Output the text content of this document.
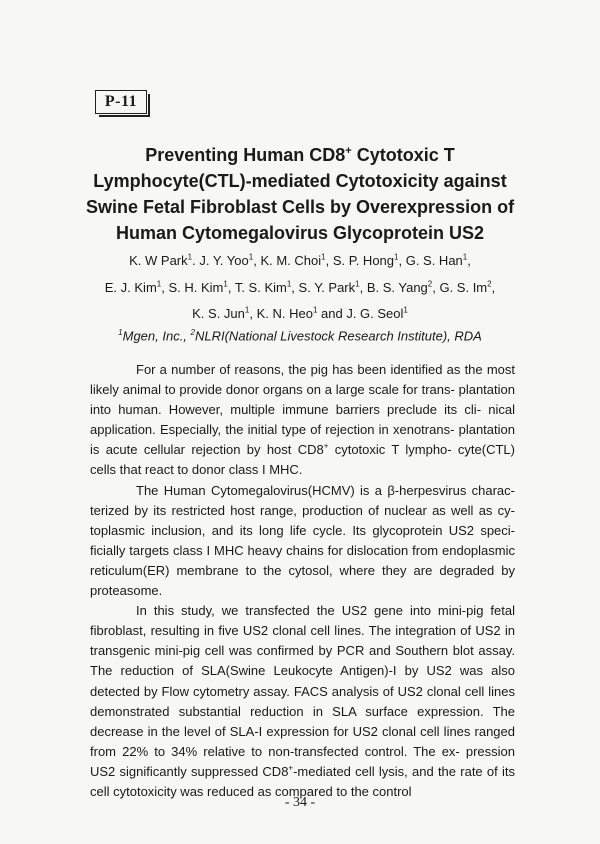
P-11
Preventing Human CD8+ Cytotoxic T
Lymphocyte(CTL)-mediated Cytotoxicity against
Swine Fetal Fibroblast Cells by Overexpression of
Human Cytomegalovirus Glycoprotein US2
K. W Park$^1$. J. Y. Yoo$^1$, K. M. Choi$^1$, S. P. Hong$^1$, G. S. Han$^1$,
E. J. Kim$^1$, S. H. Kim$^1$, T. S. Kim$^1$, S. Y. Park$^1$, B. S. Yang$^2$, G. S. Im$^2$,
K. S. Jun$^1$, K. N. Heo$^1$ and J. G. Seol$^1$
$^1$Mgen, Inc., $^2$NLRI(National Livestock Research Institute), RDA

For a number of reasons, the pig has been identified as the most likely animal to provide donor organs on a large scale for trans- plantation into human. However, multiple immune barriers preclude its cli- nical application. Especially, the initial type of rejection in xenotrans- plantation is acute cellular rejection by host CD8+ cytotoxic T lympho- cyte(CTL) cells that react to donor class I MHC.

The Human Cytomegalovirus(HCMV) is a β-herpesvirus charac- terized by its restricted host range, production of nuclear as well as cy- toplasmic inclusion, and its long life cycle. Its glycoprotein US2 speci- ficially targets class I MHC heavy chains for dislocation from endoplasmic reticulum(ER) membrane to the cytosol, where they are degraded by proteasome.

In this study, we transfected the US2 gene into mini-pig fetal fibroblast, resulting in five US2 clonal cell lines. The integration of US2 in transgenic mini-pig cell was confirmed by PCR and Southern blot assay. The reduction of SLA(Swine Leukocyte Antigen)-I by US2 was also detected by Flow cytometry assay. FACS analysis of US2 clonal cell lines demonstrated substantial reduction in SLA surface expression. The decrease in the level of SLA-I expression for US2 clonal cell lines ranged from 22% to 34% relative to non-transfected control. The ex- pression US2 significantly suppressed CD8+-mediated cell lysis, and the rate of its cell cytotoxicity was reduced as compared to the control

- 34 -
